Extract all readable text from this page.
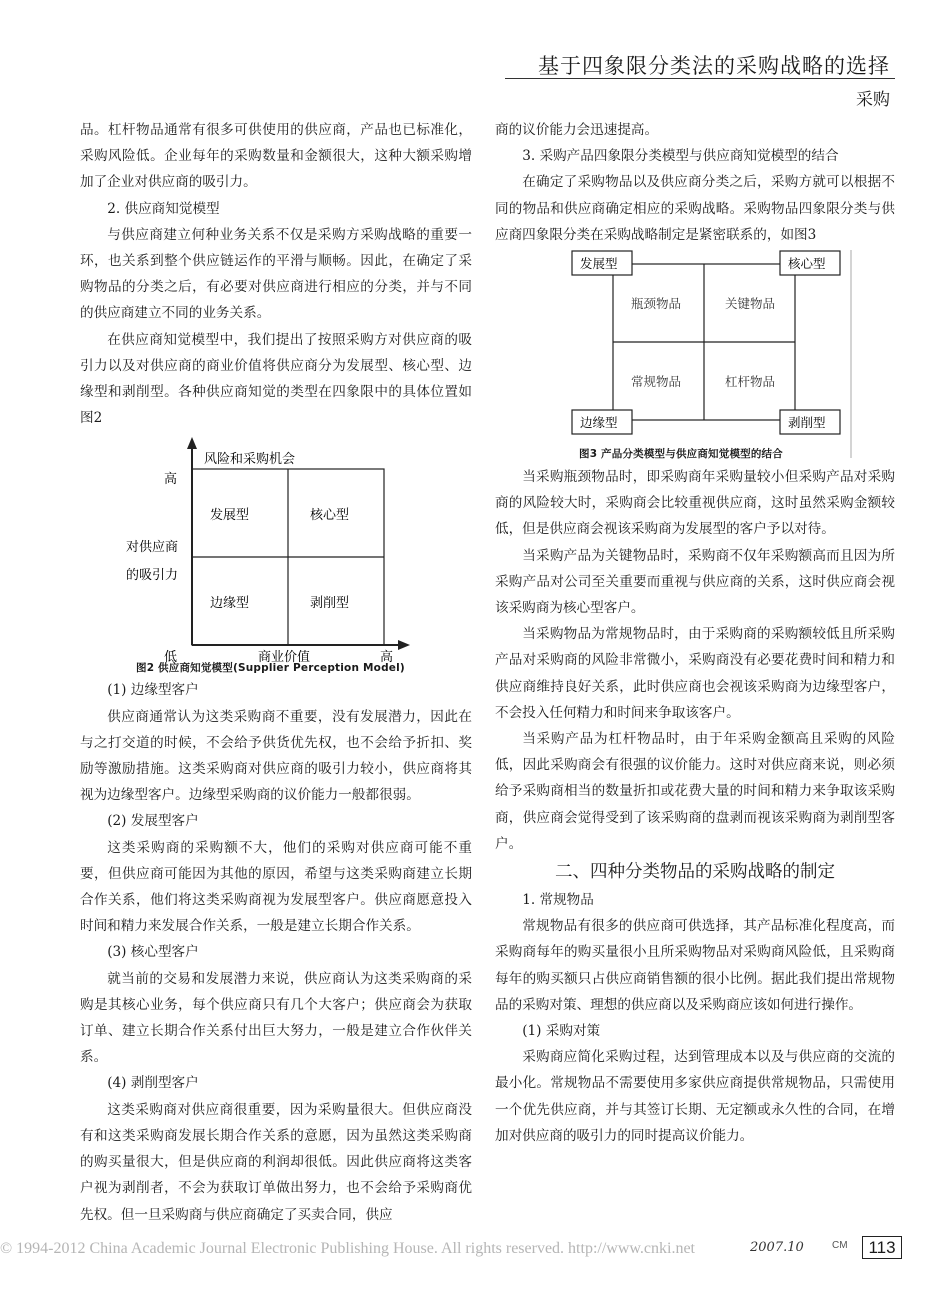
基于四象限分类法的采购战略的选择
采购

品。杠杆物品通常有很多可供使用的供应商，产品也已标准化，采购风险低。企业每年的采购数量和金额很大，这种大额采购增加了企业对供应商的吸引力。

2. 供应商知觉模型

与供应商建立何种业务关系不仅是采购方采购战略的重要一环，也关系到整个供应链运作的平滑与顺畅。因此，在确定了采购物品的分类之后，有必要对供应商进行相应的分类，并与不同的供应商建立不同的业务关系。

在供应商知觉模型中，我们提出了按照采购方对供应商的吸引力以及对供应商的商业价值将供应商分为发展型、核心型、边缘型和剥削型。各种供应商知觉的类型在四象限中的具体位置如图2

风险和采购机会
高
对供应商
的吸引力
低	商业价值	高
发展型	核心型
边缘型	剥削型
图2 供应商知觉模型(Supplier Perception Model)

(1) 边缘型客户

供应商通常认为这类采购商不重要，没有发展潜力，因此在与之打交道的时候，不会给予供货优先权，也不会给予折扣、奖励等激励措施。这类采购商对供应商的吸引力较小，供应商将其视为边缘型客户。边缘型采购商的议价能力一般都很弱。

(2) 发展型客户

这类采购商的采购额不大，他们的采购对供应商可能不重要，但供应商可能因为其他的原因，希望与这类采购商建立长期合作关系，他们将这类采购商视为发展型客户。供应商愿意投入时间和精力来发展合作关系，一般是建立长期合作关系。

(3) 核心型客户

就当前的交易和发展潜力来说，供应商认为这类采购商的采购是其核心业务，每个供应商只有几个大客户；供应商会为获取订单、建立长期合作关系付出巨大努力，一般是建立合作伙伴关系。

(4) 剥削型客户

这类采购商对供应商很重要，因为采购量很大。但供应商没有和这类采购商发展长期合作关系的意愿，因为虽然这类采购商的购买量很大，但是供应商的利润却很低。因此供应商将这类客户视为剥削者，不会为获取订单做出努力，也不会给予采购商优先权。但一旦采购商与供应商确定了买卖合同，供应

商的议价能力会迅速提高。

3. 采购产品四象限分类模型与供应商知觉模型的结合

在确定了采购物品以及供应商分类之后，采购方就可以根据不同的物品和供应商确定相应的采购战略。采购物品四象限分类与供应商四象限分类在采购战略制定是紧密联系的，如图3

发展型	核心型
边缘型	剥削型
瓶颈物品	关键物品
常规物品	杠杆物品
图3 产品分类模型与供应商知觉模型的结合

当采购瓶颈物品时，即采购商年采购量较小但采购产品对采购商的风险较大时，采购商会比较重视供应商，这时虽然采购金额较低，但是供应商会视该采购商为发展型的客户予以对待。

当采购产品为关键物品时，采购商不仅年采购额高而且因为所采购产品对公司至关重要而重视与供应商的关系，这时供应商会视该采购商为核心型客户。

当采购物品为常规物品时，由于采购商的采购额较低且所采购产品对采购商的风险非常微小，采购商没有必要花费时间和精力和供应商维持良好关系，此时供应商也会视该采购商为边缘型客户，不会投入任何精力和时间来争取该客户。

当采购产品为杠杆物品时，由于年采购金额高且采购的风险低，因此采购商会有很强的议价能力。这时对供应商来说，则必须给予采购商相当的数量折扣或花费大量的时间和精力来争取该采购商，供应商会觉得受到了该采购商的盘剥而视该采购商为剥削型客户。

二、四种分类物品的采购战略的制定

1. 常规物品

常规物品有很多的供应商可供选择，其产品标准化程度高，而采购商每年的购买量很小且所采购物品对采购商风险低，且采购商每年的购买额只占供应商销售额的很小比例。据此我们提出常规物品的采购对策、理想的供应商以及采购商应该如何进行操作。

(1) 采购对策

采购商应简化采购过程，达到管理成本以及与供应商的交流的最小化。常规物品不需要使用多家供应商提供常规物品，只需使用一个优先供应商，并与其签订长期、无定额或永久性的合同，在增加对供应商的吸引力的同时提高议价能力。

© 1994-2012 China Academic Journal Electronic Publishing House. All rights reserved. http://www.cnki.net	2007.10	CM	113
